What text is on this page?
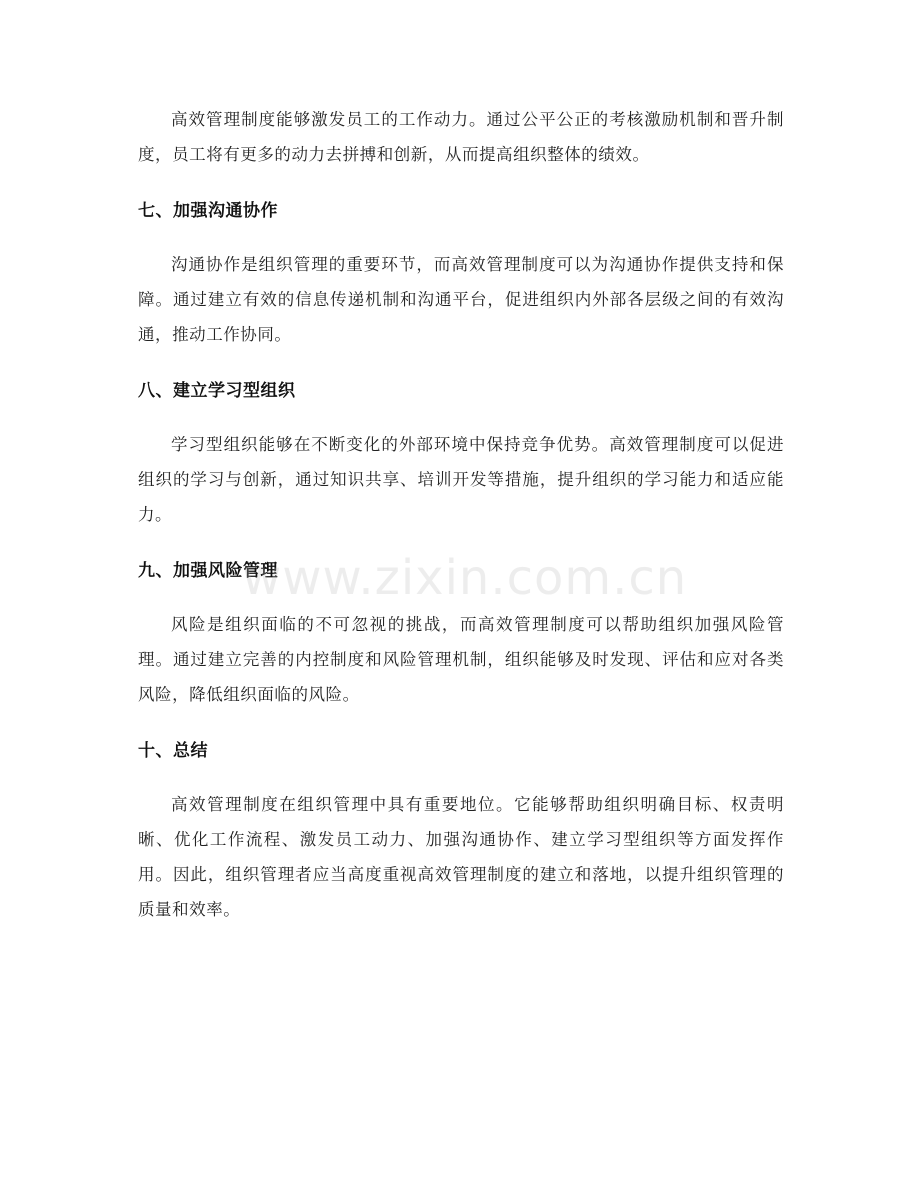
高效管理制度能够激发员工的工作动力。通过公平公正的考核激励机制和晋升制度，员工将有更多的动力去拼搏和创新，从而提高组织整体的绩效。

七、加强沟通协作

沟通协作是组织管理的重要环节，而高效管理制度可以为沟通协作提供支持和保障。通过建立有效的信息传递机制和沟通平台，促进组织内外部各层级之间的有效沟通，推动工作协同。

八、建立学习型组织

学习型组织能够在不断变化的外部环境中保持竞争优势。高效管理制度可以促进组织的学习与创新，通过知识共享、培训开发等措施，提升组织的学习能力和适应能力。

九、加强风险管理

风险是组织面临的不可忽视的挑战，而高效管理制度可以帮助组织加强风险管理。通过建立完善的内控制度和风险管理机制，组织能够及时发现、评估和应对各类风险，降低组织面临的风险。

十、总结

高效管理制度在组织管理中具有重要地位。它能够帮助组织明确目标、权责明晰、优化工作流程、激发员工动力、加强沟通协作、建立学习型组织等方面发挥作用。因此，组织管理者应当高度重视高效管理制度的建立和落地，以提升组织管理的质量和效率。

www.zixin.com.cn
